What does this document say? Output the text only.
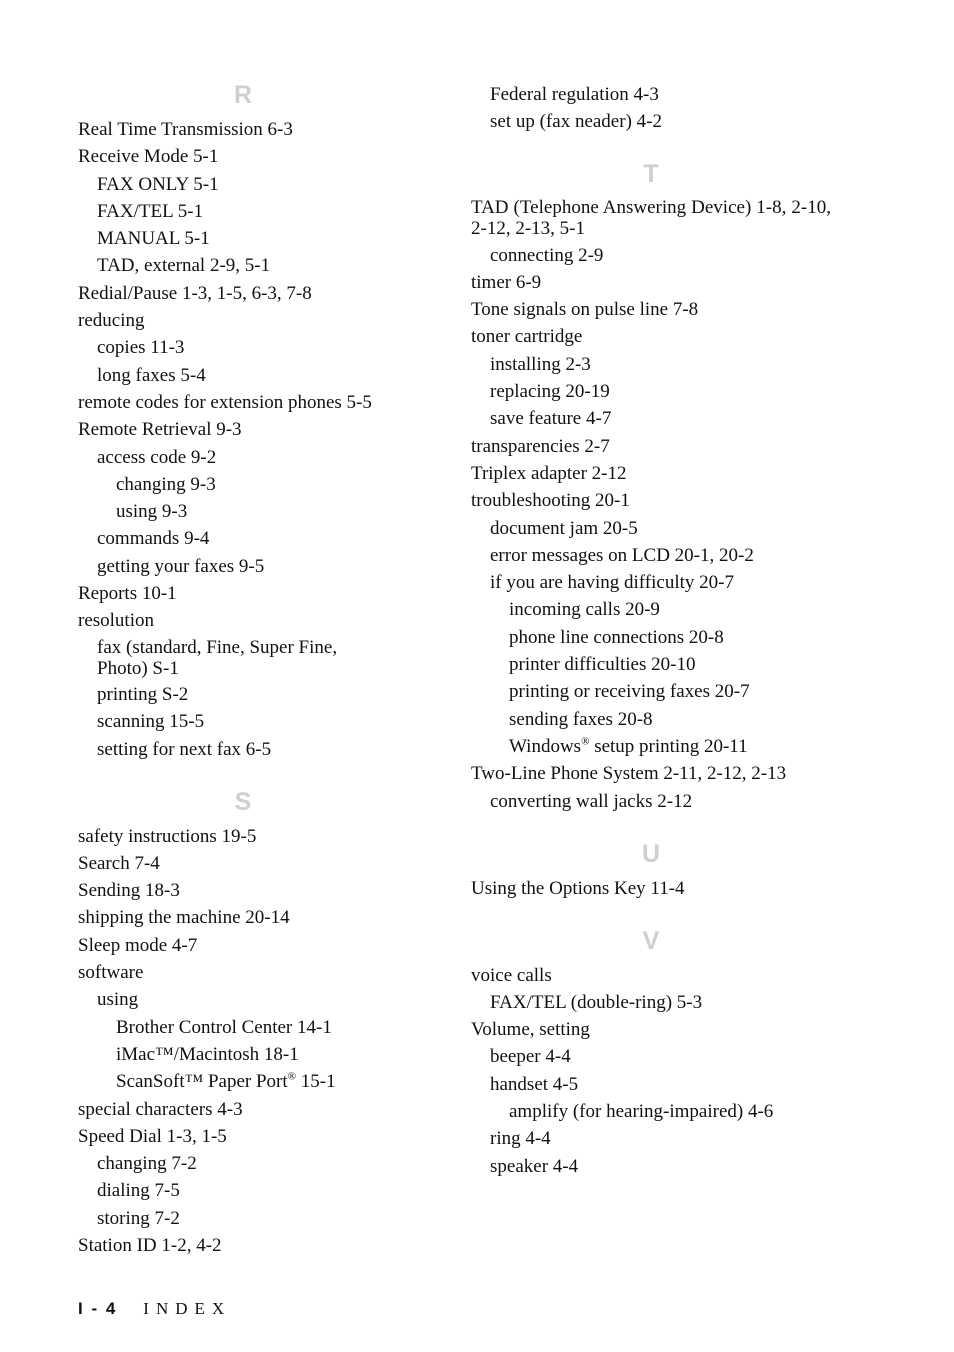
R
Real Time Transmission 6-3
Receive Mode 5-1
FAX ONLY 5-1
FAX/TEL 5-1
MANUAL 5-1
TAD, external 2-9, 5-1
Redial/Pause 1-3, 1-5, 6-3, 7-8
reducing
copies 11-3
long faxes 5-4
remote codes for extension phones 5-5
Remote Retrieval 9-3
access code 9-2
changing 9-3
using 9-3
commands 9-4
getting your faxes 9-5
Reports 10-1
resolution
fax (standard, Fine, Super Fine, Photo) S-1
printing S-2
scanning 15-5
setting for next fax 6-5
S
safety instructions 19-5
Search 7-4
Sending 18-3
shipping the machine 20-14
Sleep mode 4-7
software
using
Brother Control Center 14-1
iMac™/Macintosh 18-1
ScanSoft™ Paper Port® 15-1
special characters 4-3
Speed Dial 1-3, 1-5
changing 7-2
dialing 7-5
storing 7-2
Station ID 1-2, 4-2
Federal regulation 4-3
set up (fax neader) 4-2
T
TAD (Telephone Answering Device) 1-8, 2-10, 2-12, 2-13, 5-1
connecting 2-9
timer 6-9
Tone signals on pulse line 7-8
toner cartridge
installing 2-3
replacing 20-19
save feature 4-7
transparencies 2-7
Triplex adapter 2-12
troubleshooting 20-1
document jam 20-5
error messages on LCD 20-1, 20-2
if you are having difficulty 20-7
incoming calls 20-9
phone line connections 20-8
printer difficulties 20-10
printing or receiving faxes 20-7
sending faxes 20-8
Windows® setup printing 20-11
Two-Line Phone System 2-11, 2-12, 2-13
converting wall jacks 2-12
U
Using the Options Key 11-4
V
voice calls
FAX/TEL (double-ring) 5-3
Volume, setting
beeper 4-4
handset 4-5
amplify (for hearing-impaired) 4-6
ring 4-4
speaker 4-4
I - 4 INDEX
